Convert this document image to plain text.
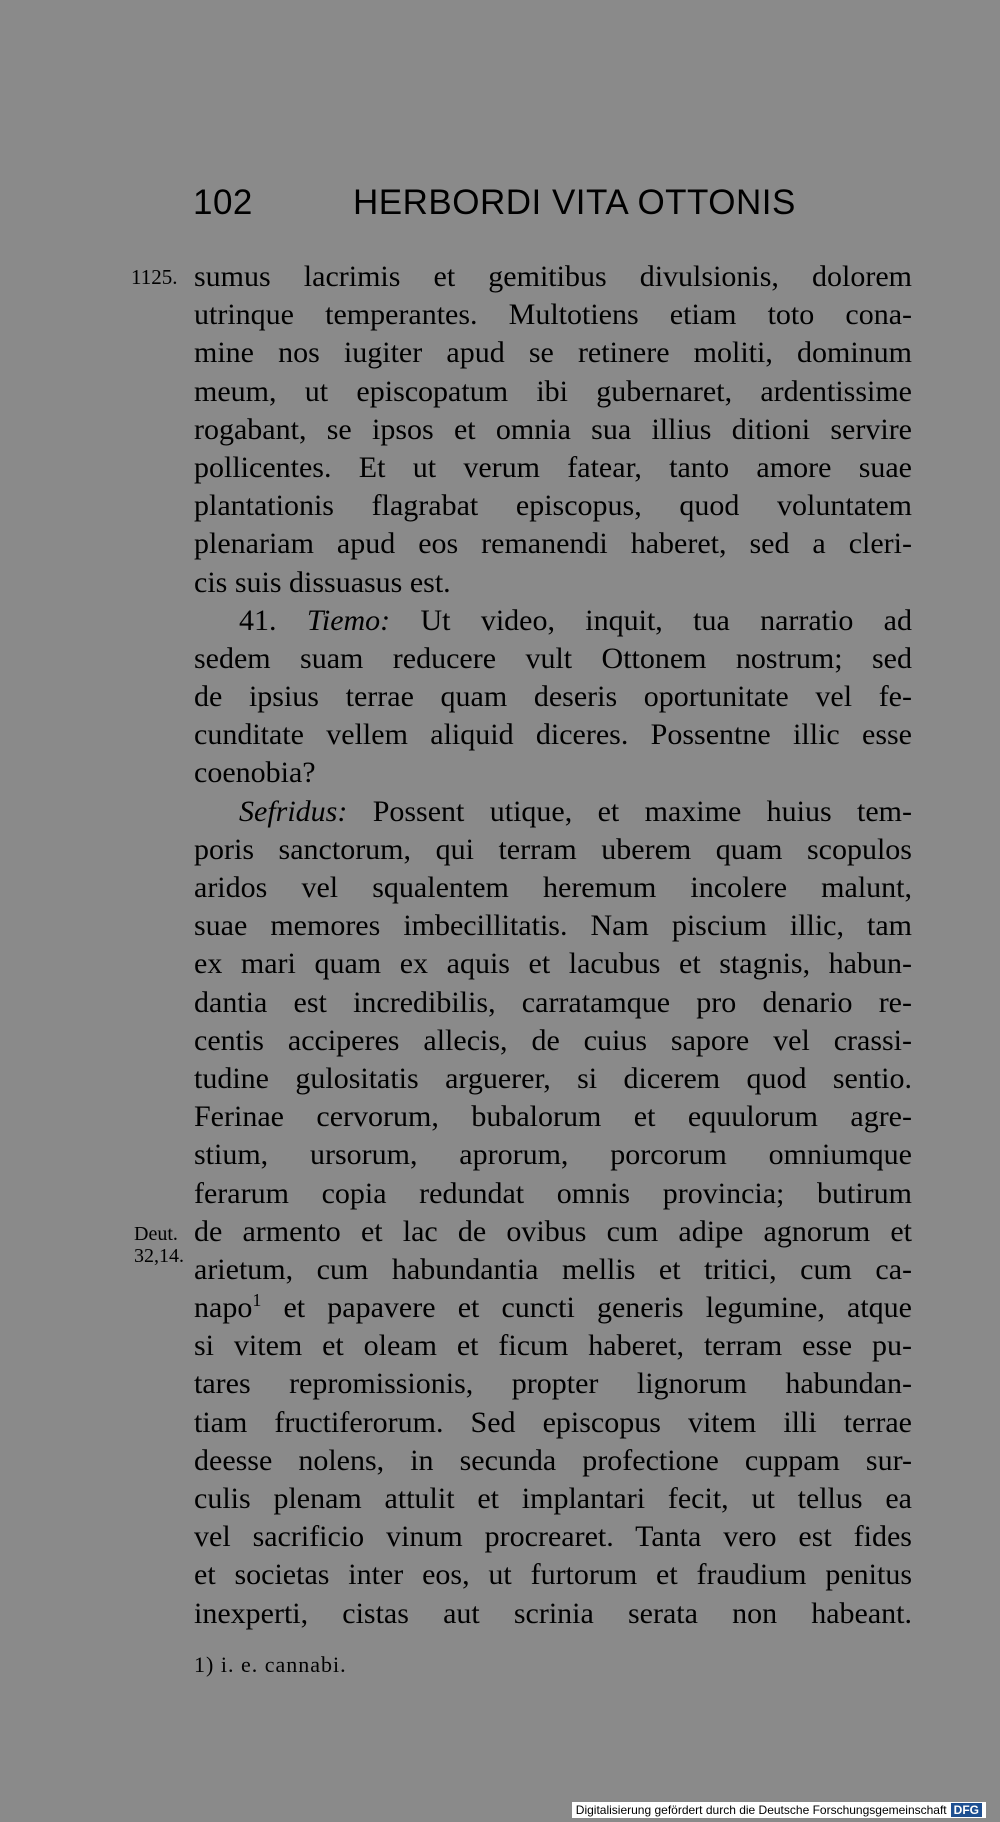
102	HERBORDI VITA OTTONIS
1125.
Deut.
32,14.
sumus lacrimis et gemitibus divulsionis, dolorem
utrinque temperantes. Multotiens etiam toto cona-
mine nos iugiter apud se retinere moliti, dominum
meum, ut episcopatum ibi gubernaret, ardentissime
rogabant, se ipsos et omnia sua illius ditioni servire
pollicentes. Et ut verum fatear, tanto amore suae
plantationis flagrabat episcopus, quod voluntatem
plenariam apud eos remanendi haberet, sed a cleri-
cis suis dissuasus est.
41. Tiemo: Ut video, inquit, tua narratio ad
sedem suam reducere vult Ottonem nostrum; sed
de ipsius terrae quam deseris oportunitate vel fe-
cunditate vellem aliquid diceres. Possentne illic esse
coenobia?
Sefridus: Possent utique, et maxime huius tem-
poris sanctorum, qui terram uberem quam scopulos
aridos vel squalentem heremum incolere malunt,
suae memores imbecillitatis. Nam piscium illic, tam
ex mari quam ex aquis et lacubus et stagnis, habun-
dantia est incredibilis, carratamque pro denario re-
centis acciperes allecis, de cuius sapore vel crassi-
tudine gulositatis arguerer, si dicerem quod sentio.
Ferinae cervorum, bubalorum et equulorum agre-
stium, ursorum, aprorum, porcorum omniumque
ferarum copia redundat omnis provincia; butirum
de armento et lac de ovibus cum adipe agnorum et
arietum, cum habundantia mellis et tritici, cum ca-
napo$^1$ et papavere et cuncti generis legumine, atque
si vitem et oleam et ficum haberet, terram esse pu-
tares repromissionis, propter lignorum habundan-
tiam fructiferorum. Sed episcopus vitem illi terrae
deesse nolens, in secunda profectione cuppam sur-
culis plenam attulit et implantari fecit, ut tellus ea
vel sacrificio vinum procrearet. Tanta vero est fides
et societas inter eos, ut furtorum et fraudium penitus
inexperti, cistas aut scrinia serata non habeant.
1) i. e. cannabi.
Digitalisierung gefördert durch die Deutsche Forschungsgemeinschaft DFG
